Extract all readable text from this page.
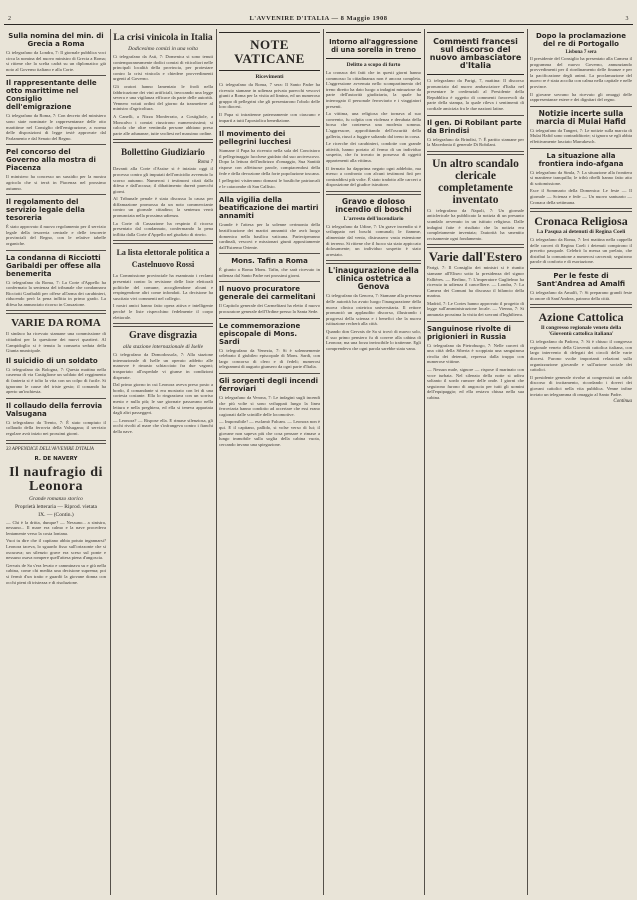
2	L'AVVENIRE D'ITALIA — 8 Maggio 1908	3
Sulla nomina del min. di Grecia a Roma

Ci telegrafano da Londra, 7: Il giornale pubblica voci circa la nomina del nuovo ministro di Grecia a Roma; si ritiene che la scelta cadrà su un diplomatico già noto al Governo italiano e alla Corte.

Il rappresentante delle otto marittime nel Consiglio dell'emigrazione

Ci telegrafano da Roma, 7: Con decreto del ministero sono state nominate le rappresentanze delle otto marittime nel Consiglio dell'emigrazione, a norma delle disposizioni di legge testè approvate dal Parlamento e dal Senato del Regno.

Pel concorso del Governo alla mostra di Piacenza

Il ministero ha concesso un sussidio per la mostra agricola che si terrà in Piacenza nel prossimo autunno.

Il regolamento del servizio legale della tesoreria

È stato approvato il nuovo regolamento per il servizio legale della tesoreria centrale e delle tesorerie provinciali del Regno, con le relative tabelle organiche.

La condanna di Ricciotti Garibaldi per offese alla benemerita

Ci telegrafano da Roma, 7: La Corte d'Appello ha confermato la sentenza del tribunale che condannava Ricciotti Garibaldi per offese all'arma dei carabinieri, riducendo però la pena inflitta in primo grado. La difesa ha annunciato ricorso in Cassazione.

VARIE DA ROMA

Il sindaco ha ricevuto stamane una commissione di cittadini per la questione dei nuovi quartieri. Al Campidoglio si è tenuta la consueta seduta della Giunta municipale.

Il suicidio di un soldato

Ci telegrafano da Bologna, 7: Questa mattina nella caserma di via Castiglione un soldato del reggimento di fanteria si è tolto la vita con un colpo di fucile. Si ignorano le cause del triste gesto; il comando ha aperto un'inchiesta.

Il collaudo della ferrovia Valsugana

Ci telegrafano da Trento, 7: È stato compiuto il collaudo della ferrovia della Valsugana; il servizio regolare avrà inizio nei prossimi giorni.

33 APPENDICE DELL'AVVENIRE D'ITALIA
R. DE NAVERY
Il naufragio di Leonora
Grande romanzo storico
Proprietà letteraria — Riprod. vietata
IX. — (Contin.)

— Chi è la dritta, dunque? — Nessuno... a sinistra, nessuno... Il mare era calmo e la nave procedeva lentamente verso la costa lontana.

Vuoi tu dire che il capitano abbia potuto ingannarsi? Leonora taceva, lo sguardo fisso sull'orizzonte che si oscurava; un silenzio grave era sceso sul ponte e nessuno osava rompere quell'attesa piena d'angoscia.

Gervais de Sa s'era levato e camminava su e giù nella cabina, come chi medita una decisione suprema; poi si fermò d'un tratto e guardò la giovane donna con occhi pieni di tristezza e di risoluzione.

La crisi vinicola in Italia
Dodicesimo comizi in una volta

Ci telegrafano da Asti, 7: Domenica si sono tenuti contemporaneamente dodici comizi di viticoltori nelle principali località della provincia, per protestare contro la crisi vinicola e chiedere provvedimenti urgenti al Governo.

Gli oratori hanno lamentato le frodi nella fabbricazione dei vini artificiali, invocando una legge severa e una vigilanza efficace da parte delle autorità. Vennero votati ordini del giorno da trasmettere al ministro d'agricoltura.

A Canelli, a Nizza Monferrato, a Costigliole, a Moncalvo i comizi riuscirono numerosissimi; si calcola che oltre ventimila persone abbiano preso parte alle adunanze, tutte svoltesi nel massimo ordine.

Bollettino Giudiziario
Roma 7

Davanti alla Corte d'Assise si è iniziato oggi il processo contro gli imputati dell'omicidio avvenuto lo scorso autunno. Numerosi i testimoni citati dalla difesa e dall'accusa; il dibattimento durerà parecchi giorni.

Al Tribunale penale è stata discussa la causa per diffamazione promossa da un noto commerciante contro un giornale cittadino; la sentenza verrà pronunciata nella prossima udienza.

La Corte di Cassazione ha respinto il ricorso presentato dal condannato, confermando la pena inflitta dalla Corte d'Appello nel giudizio di rinvio.

La lista elettorale politica a Castelnuovo Rossi

La Commissione provinciale ha esaminato i reclami presentati contro la revisione delle liste elettorali politiche del comune, accogliendone alcuni e respingendone altri come infondati. La decisione ha suscitato vivi commenti nel collegio.

I nostri amici hanno fatto opera attiva e intelligente perché le liste rispecchino fedelmente il corpo elettorale.

Grave disgrazia
alla stazione internazionale di Iselle

Ci telegrafano da Domodossola, 7: Alla stazione internazionale di Iselle un operaio addetto alle manovre è rimasto schiacciato fra due vagoni; trasportato all'ospedale vi giunse in condizioni disperate.

Dal primo giorno in cui Leonora aveva preso posto a bordo, il comandante si era mostrato con lei di una cortesia costante. Ella lo ringraziava con un sorriso mesto e nulla più; le sue giornate passavano nella lettura e nella preghiera, ed ella si teneva appartata dagli altri passeggeri.

— Leonora? — Rispose ella. E rimase silenziosa, gli occhi rivolti al mare che s'infrangeva contro i fianchi della nave.

NOTE VATICANE
Ricevimenti

Ci telegrafano da Roma, 7 sera: Il Santo Padre ha ricevuto stamane in udienza privata parecchi vescovi giunti a Roma per la visita ad limina, ed un numeroso gruppo di pellegrini che gli presentarono l'obolo delle loro diocesi.

Il Papa si intrattenne paternamente con ciascuno e impartì a tutti l'apostolica benedizione.

Il movimento dei pellegrini lucchesi

Stamane il Papa ha ricevuto nella sala del Concistoro il pellegrinaggio lucchese guidato dal suo arcivescovo. Dopo la lettura dell'indirizzo d'omaggio, Sua Santità rispose con affettuose parole, compiacendosi della fede e della devozione della forte popolazione toscana.

I pellegrini visiteranno domani le basiliche patriarcali e le catacombe di San Callisto.

Alla vigilia della beatificazione dei martiri annamiti

Grande è l'attesa per la solenne cerimonia della beatificazione dei martiri annamiti che avrà luogo domenica nella basilica vaticana. Parteciperanno cardinali, vescovi e missionari giunti appositamente dall'Estremo Oriente.

Mons. Tafin a Roma

È giunto a Roma Mons. Tafin, che sarà ricevuto in udienza dal Santo Padre nei prossimi giorni.

Il nuovo procuratore generale dei carmelitani

Il Capitolo generale dei Carmelitani ha eletto il nuovo procuratore generale dell'Ordine presso la Santa Sede.

Le commemorazione episcopale di Mons. Sardi

Ci telegrafano da Venezia, 7: Si è solennemente celebrato il giubileo episcopale di Mons. Sardi, con largo concorso di clero e di fedeli; numerosi telegrammi di augurio giunsero da ogni parte d'Italia.

Gli sorgenti degli incendi ferroviari

Ci telegrafano da Verona, 7: Le indagini sugli incendi che più volte si sono sviluppati lungo la linea ferroviaria hanno condotto ad accertare che essi erano cagionati dalle scintille delle locomotive.

— Impossibile! — esclamò Falcam. — Leonora non è qui. E il capitano, pallido, si volse verso di lui; il giovane non sapeva più che cosa pensare e rimase a lungo immobile sulla soglia della cabina vuota, cercando invano una spiegazione.

Intorno all'aggressione di una sorella in treno
Delitto a scopo di furto

La cronaca dei fatti che in questi giorni hanno commosso la cittadinanza non è ancora completa. L'aggressione avvenuta nello scompartimento del treno diretto ha dato luogo a indagini minuziose da parte dell'autorità giudiziaria, la quale ha interrogato il personale ferroviario e i viaggiatori presenti.

La vittima, una religiosa che tornava al suo convento, fu colpita con violenza e derubata della borsa che conteneva una modesta somma. L'aggressore, approfittando dell'oscurità della galleria, riuscì a fuggire saltando dal treno in corsa.

Le ricerche dei carabinieri, condotte con grande attività, hanno portato al fermo di un individuo sospetto, che fu trovato in possesso di oggetti appartenenti alla vittima.

Il fermato ha dapprima negato ogni addebito, ma messo a confronto con alcuni testimoni finì per contraddirsi più volte. È stato tradotto alle carceri a disposizione del giudice istruttore.

Gravo e doloso incendio di boschi
L'arresto dell'incendiario

Ci telegrafano da Udine, 7: Un grave incendio si è sviluppato nei boschi comunali; le fiamme, alimentate dal vento, distrussero vasta estensione di terreno. Si ritiene che il fuoco sia stato appiccato dolosamente; un individuo sospetto è stato arrestato.

L'inaugurazione della clinica ostetrica a Genova

Ci telegrafano da Genova, 7: Stamane alla presenza delle autorità ha avuto luogo l'inaugurazione della nuova clinica ostetrica universitaria. Il rettore pronunciò un applaudito discorso, illustrando i progressi della scienza e i benefici che la nuova istituzione recherà alla città.

Quando don Gervais de Sa si trovò di nuovo solo, il suo primo pensiero fu di correre alla cabina di Leonora; ma una forza invincibile lo trattenne. Egli comprendeva che ogni parola sarebbe stata vana.

Commenti francesi sul discorso del nuovo ambasciatore d'Italia

Ci telegrafano da Parigi, 7, mattina: Il discorso pronunciato dal nuovo ambasciatore d'Italia nel presentare le credenziali al Presidente della Repubblica è oggetto di commenti favorevoli da parte della stampa, la quale rileva i sentimenti di cordiale amicizia fra le due nazioni latine.

Il gen. Di Robilant parte da Brindisi

Ci telegrafano da Brindisi, 7: È partito stamane per la Macedonia il generale Di Robilant.

Un altro scandalo clericale completamente inventato

Ci telegrafano da Napoli, 7: Un giornale anticlericale ha pubblicato la notizia di un presunto scandalo avvenuto in un istituto religioso. Dalle indagini fatte è risultato che la notizia era completamente inventata; l'autorità ha smentito recisamente ogni fondamento.

Varie dall'Estero

Parigi, 7: Il Consiglio dei ministri si è riunito stamane all'Eliseo sotto la presidenza del signor Fallières. — Berlino, 7: L'imperatore Guglielmo ha ricevuto in udienza il cancelliere. — Londra, 7: La Camera dei Comuni ha discusso il bilancio della marina.

Madrid, 7: Le Cortes hanno approvato il progetto di legge sull'amministrazione locale. — Vienna, 7: Si annunzia prossima la visita dei sovrani d'Inghilterra.

Sanguinose rivolte di prigionieri in Russia

Ci telegrafano da Pietroburgo, 7: Nelle carceri di una città della Siberia è scoppiata una sanguinosa rivolta dei detenuti, repressa dalla truppa con numerose vittime.

— Nessun male, signore — rispose il marinaio con voce turbata. Nel silenzio della notte si udiva soltanto il sordo rumore delle onde. I giorni che seguirono furono di angoscia per tutti gli uomini dell'equipaggio; ed ella restava chiusa nella sua cabina.

Dopo la proclamazione del re di Portogallo
Lisbona 7 sera

Il presidente del Consiglio ha presentato alla Camera il programma del nuovo Governo, annunziando provvedimenti per il riordinamento delle finanze e per la pacificazione degli animi. La proclamazione del nuovo re è stata accolta con calma nella capitale e nelle province.

Il giovane sovrano ha ricevuto gli omaggi delle rappresentanze estere e dei dignitari del regno.

Notizie incerte sulla marcia di Mulai Hafid

Ci telegrafano da Tangeri, 7: Le notizie sulla marcia di Mulai Hafid sono contradditorie; si ignora se egli abbia effettivamente lasciato Marrakesch.

La situazione alla frontiera indo-afgana

Ci telegrafano da Simla, 7: La situazione alla frontiera si mantiene tranquilla; le tribù ribelli hanno fatto atto di sottomissione.

Esce il Sommario della Domenica: Le feste — Il giornale — Scienza e fede — Un nuovo santuario — Cronaca della settimana.

Cronaca Religiosa
La Pasqua ai detenuti di Regina Coeli

Ci telegrafano da Roma, 7: Ieri mattina nella cappella delle carceri di Regina Coeli i detenuti compirono il precetto pasquale. Celebrò la messa un prelato, che distribuì la comunione a numerosi carcerati; seguirono parole di conforto e di esortazione.

Per le feste di Sant'Andrea ad Amalfi

Ci telegrafano da Amalfi, 7: Si preparano grandi feste in onore di Sant'Andrea, patrono della città.

Azione Cattolica
Il congresso regionale veneto della 'Gioventù cattolica italiana'

Ci telegrafano da Padova, 7: Si è chiuso il congresso regionale veneto della Gioventù cattolica italiana, con largo intervento di delegati dei circoli delle varie diocesi. Furono svolte importanti relazioni sulla organizzazione giovanile e sull'azione sociale dei cattolici.

Il presidente generale rivolse ai congressisti un caldo discorso di incitamento, ricordando i doveri dei giovani cattolici nella vita pubblica. Venne infine inviato un telegramma di omaggio al Santo Padre.

Continua
